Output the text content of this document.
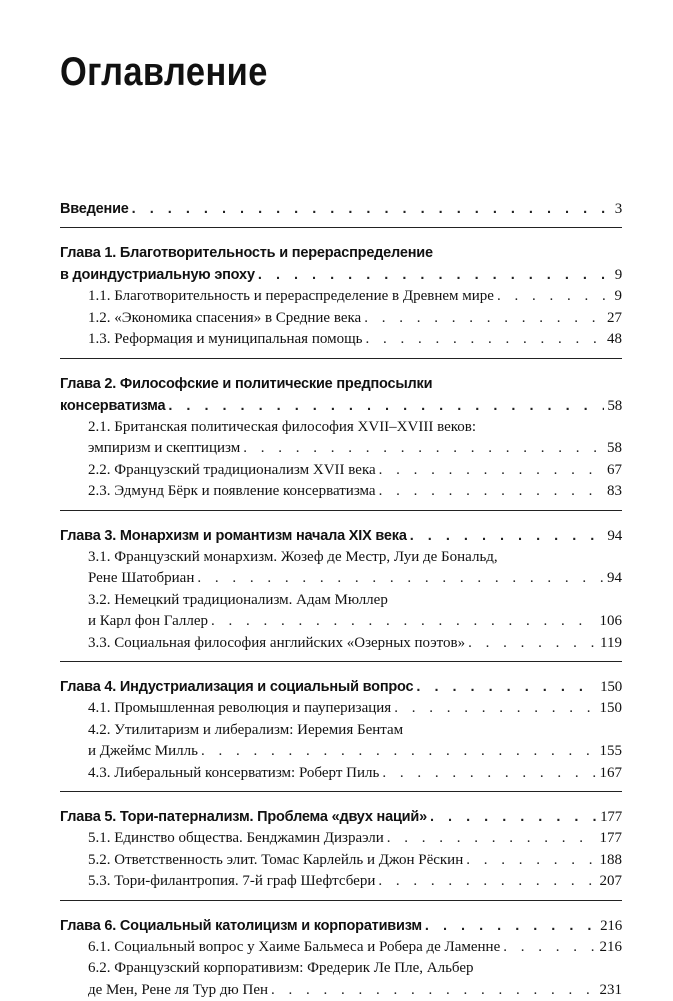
Оглавление
Введение . . .	3
Глава 1. Благотворительность и перераспределение
в доиндустриальную эпоху . . .	9
1.1. Благотворительность и перераспределение в Древнем мире . . .	9
1.2. «Экономика спасения» в Средние века . . .	27
1.3. Реформация и муниципальная помощь . . .	48
Глава 2. Философские и политические предпосылки
консерватизма . . .	58
2.1. Британская политическая философия XVII–XVIII веков:
эмпиризм и скептицизм . . .	58
2.2. Французский традиционализм XVII века . . .	67
2.3. Эдмунд Бёрк и появление консерватизма . . .	83
Глава 3. Монархизм и романтизм начала XIX века . . .	94
3.1. Французский монархизм. Жозеф де Местр, Луи де Бональд,
Рене Шатобриан . . .	94
3.2. Немецкий традиционализм. Адам Мюллер
и Карл фон Галлер . . .	106
3.3. Социальная философия английских «Озерных поэтов» . . .	119
Глава 4. Индустриализация и социальный вопрос . . .	150
4.1. Промышленная революция и пауперизация . . .	150
4.2. Утилитаризм и либерализм: Иеремия Бентам
и Джеймс Милль . . .	155
4.3. Либеральный консерватизм: Роберт Пиль . . .	167
Глава 5. Тори-патернализм. Проблема «двух наций» . . .	177
5.1. Единство общества. Бенджамин Дизраэли . . .	177
5.2. Ответственность элит. Томас Карлейль и Джон Рёскин . . .	188
5.3. Тори-филантропия. 7-й граф Шефтсбери . . .	207
Глава 6. Социальный католицизм и корпоративизм . . .	216
6.1. Социальный вопрос у Хаиме Бальмеса и Робера де Ламенне . . .	216
6.2. Французский корпоративизм: Фредерик Ле Пле, Альбер
де Мен, Рене ля Тур дю Пен . . .	231
